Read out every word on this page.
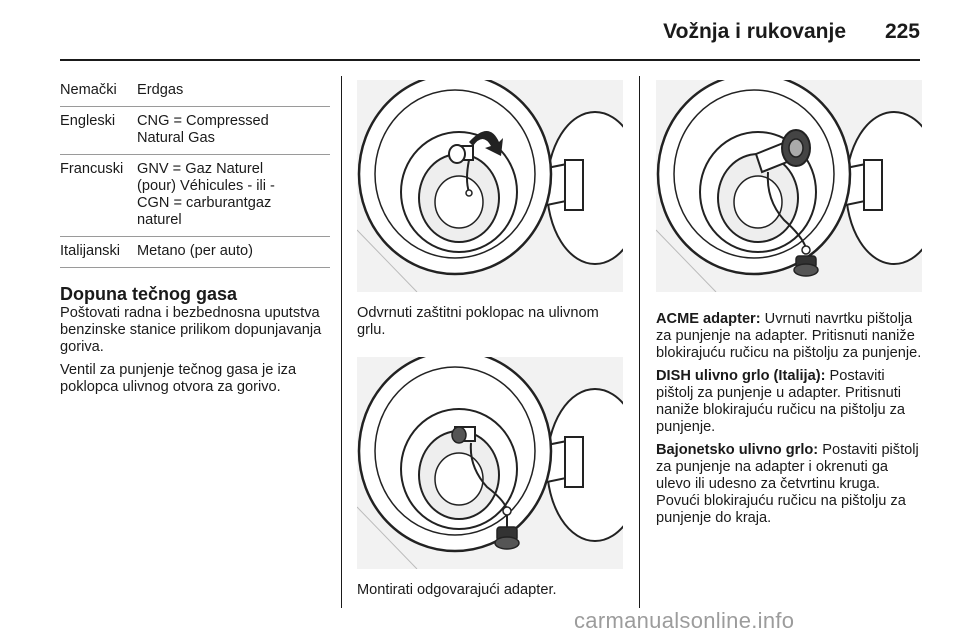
Vožnja i rukovanje 225
Nemački	Erdgas

Engleski	CNG = Compressed
Natural Gas

Francuski	GNV = Gaz Naturel
(pour) Véhicules - ili -
CGN = carburantgaz
naturel

Italijanski	Metano (per auto)
Dopuna tečnog gasa

Poštovati radna i bezbednosna uputstva benzinske stanice prilikom dopunjavanja goriva.

Ventil za punjenje tečnog gasa je iza poklopca ulivnog otvora za gorivo.

Odvrnuti zaštitni poklopac na ulivnom grlu.

Montirati odgovarajući adapter.

ACME adapter: Uvrnuti navrtku pištolja za punjenje na adapter. Pritisnuti naniže blokirajuću ručicu na pištolju za punjenje.

DISH ulivno grlo (Italija): Postaviti pištolj za punjenje u adapter. Pritisnuti naniže blokirajuću ručicu na pištolju za punjenje.

Bajonetsko ulivno grlo: Postaviti pištolj za punjenje na adapter i okrenuti ga ulevo ili udesno za četvrtinu kruga. Povući blokirajuću ručicu na pištolju za punjenje do kraja.

carmanualsonline.info
